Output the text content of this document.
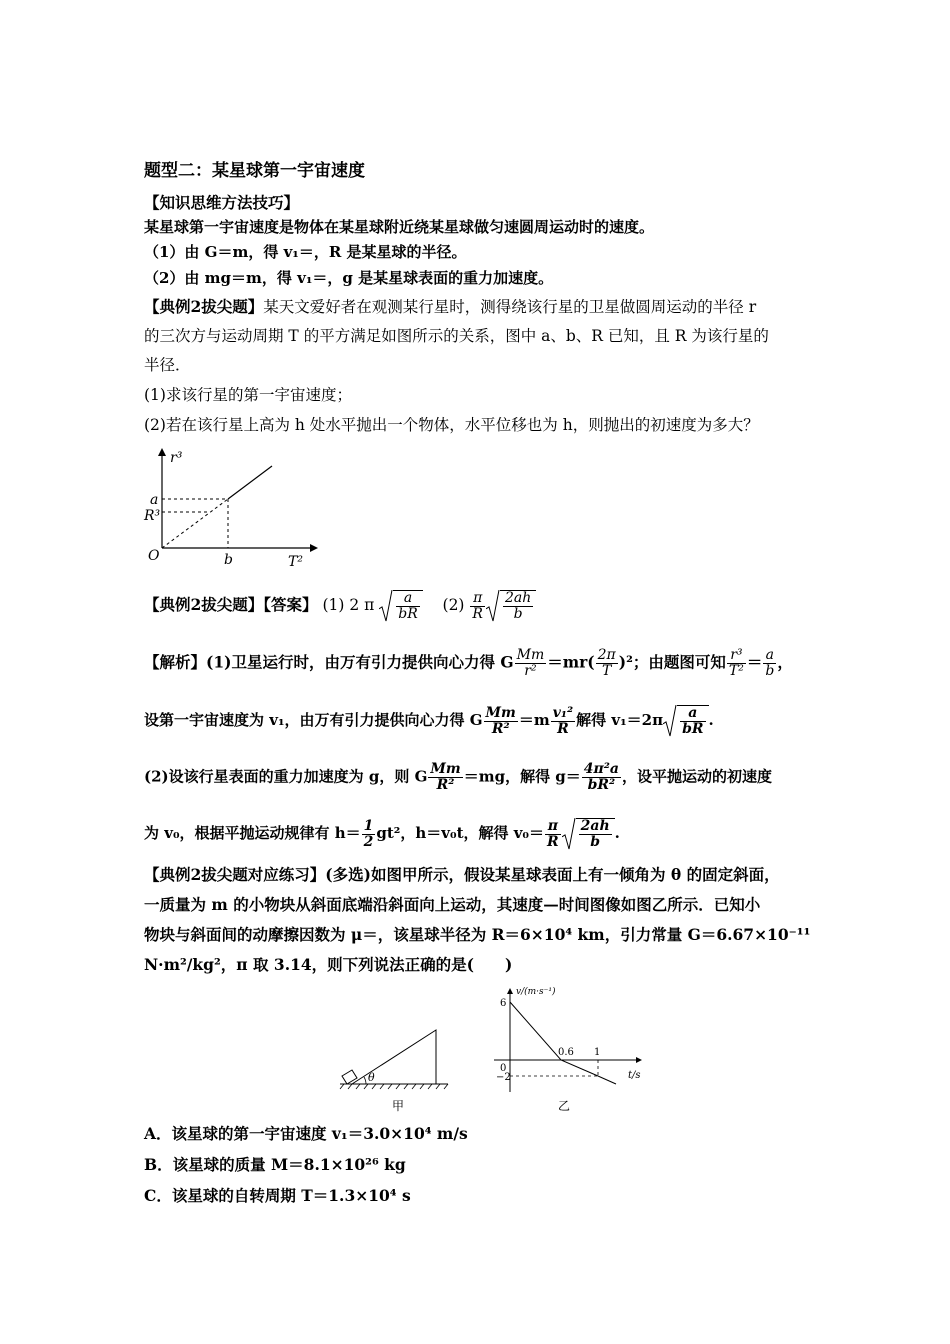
题型二：某星球第一宇宙速度
【知识思维方法技巧】
某星球第一宇宙速度是物体在某星球附近绕某星球做匀速圆周运动时的速度。
（1）由 G＝m，得 v₁＝，R 是某星球的半径。
（2）由 mg＝m，得 v₁＝，g 是某星球表面的重力加速度。
【典例2拔尖题】某天文爱好者在观测某行星时，测得绕该行星的卫星做圆周运动的半径 r
的三次方与运动周期 T 的平方满足如图所示的关系，图中 a、b、R 已知，且 R 为该行星的
半径．
(1)求该行星的第一宇宙速度；
(2)若在该行星上高为 h 处水平抛出一个物体，水平位移也为 h，则抛出的初速度为多大？
r³
T²
O
a
R³
b
【典例2拔尖题】【答案】 (1) 2 π $\frac{a}{bR} (2) \frac{\pi}{R} \frac{2ah}{b}$
【解析】(1)卫星运行时，由万有引力提供向心力得 G $\frac{Mm}{\text{r²}} =mr( \frac{2\pi}{T} )^2$；由题图可知 $\frac{\text{r³}}{\text{T²}} = \frac{a}{b}$ ，
设第一宇宙速度为 v₁，由万有引力提供向心力得 G $\frac{Mm}{\text{R²}} =m \frac{\text{v₁²}}{R}$ 解得 $v_1=2\pi \frac{a}{bR}$ .
(2)设该行星表面的重力加速度为 g，则 G $\frac{Mm}{\text{R²}} =mg$，解得 $g= \frac{\text{4π²a}}{\text{bR²}}$ ，设平抛运动的初速度
为 v₀，根据平抛运动规律有 $h= \frac{1}{2} gt^2$，h＝v₀t，解得 $v_0= \frac{\pi}{R} \frac{2ah}{b}$ .
【典例2拔尖题对应练习】(多选)如图甲所示，假设某星球表面上有一倾角为 θ 的固定斜面，
一质量为 m 的小物块从斜面底端沿斜面向上运动，其速度—时间图像如图乙所示．已知小
物块与斜面间的动摩擦因数为 μ＝，该星球半径为 R＝6×10⁴ km，引力常量 G＝6.67×10⁻¹¹
N·m²/kg²，π 取 3.14，则下列说法正确的是(　　)
θ
甲
v/(m·s⁻¹)
t/s
6
0
−2
0.6 1
乙
A．该星球的第一宇宙速度 v₁＝3.0×10⁴ m/s
B．该星球的质量 M＝8.1×10²⁶ kg
C．该星球的自转周期 T＝1.3×10⁴ s
